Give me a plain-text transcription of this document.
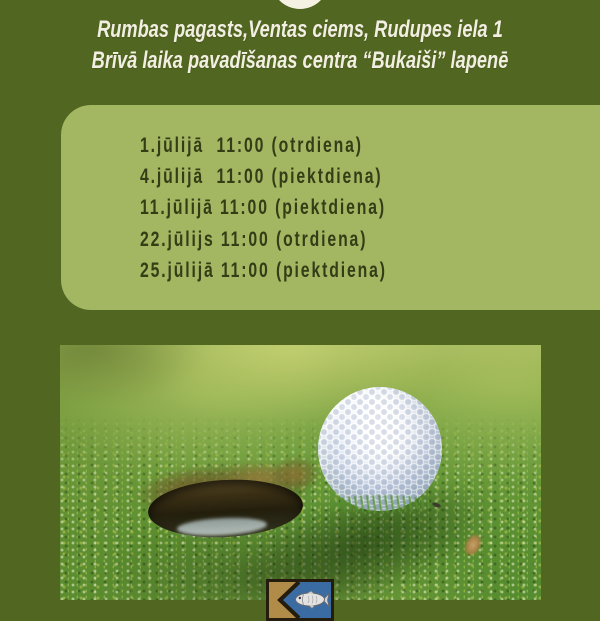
Rumbas pagasts,Ventas ciems, Rudupes iela 1
Brīvā laika pavadīšanas centra “Bukaiši” lapenē
1.jūlijā  11:00 (otrdiena)
4.jūlijā  11:00 (piektdiena)
11.jūlijā 11:00 (piektdiena)
22.jūlijs 11:00 (otrdiena)
25.jūlijā 11:00 (piektdiena)
